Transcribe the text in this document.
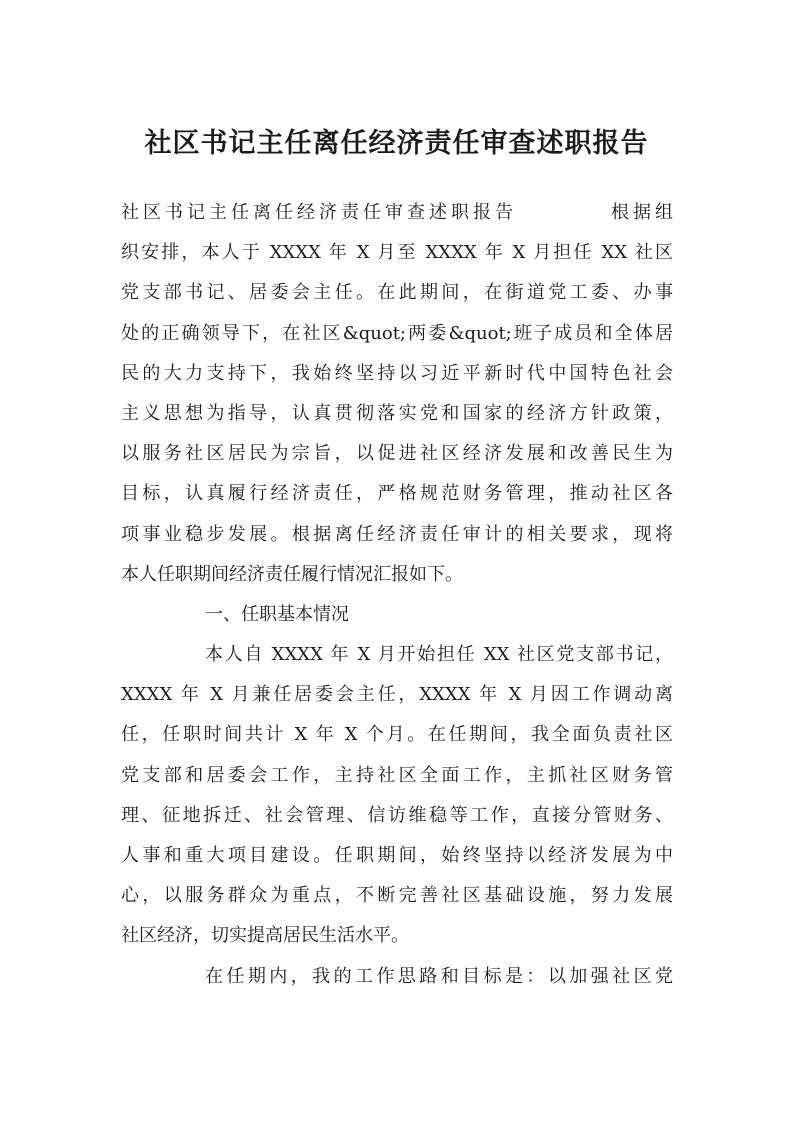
社区书记主任离任经济责任审查述职报告
社区书记主任离任经济责任审查述职报告	根据组
织安排，本人于 XXXX 年 X 月至 XXXX 年 X 月担任 XX 社区
党支部书记、居委会主任。在此期间，在街道党工委、办事
处的正确领导下，在社区&quot;两委&quot;班子成员和全体居
民的大力支持下，我始终坚持以习近平新时代中国特色社会
主义思想为指导，认真贯彻落实党和国家的经济方针政策，
以服务社区居民为宗旨，以促进社区经济发展和改善民生为
目标，认真履行经济责任，严格规范财务管理，推动社区各
项事业稳步发展。根据离任经济责任审计的相关要求，现将
本人任职期间经济责任履行情况汇报如下。
一、任职基本情况
本人自 XXXX 年 X 月开始担任 XX 社区党支部书记，
XXXX 年 X 月兼任居委会主任，XXXX 年 X 月因工作调动离
任，任职时间共计 X 年 X 个月。在任期间，我全面负责社区
党支部和居委会工作，主持社区全面工作，主抓社区财务管
理、征地拆迁、社会管理、信访维稳等工作，直接分管财务、
人事和重大项目建设。任职期间，始终坚持以经济发展为中
心，以服务群众为重点，不断完善社区基础设施，努力发展
社区经济，切实提高居民生活水平。
在任期内，我的工作思路和目标是：以加强社区党
